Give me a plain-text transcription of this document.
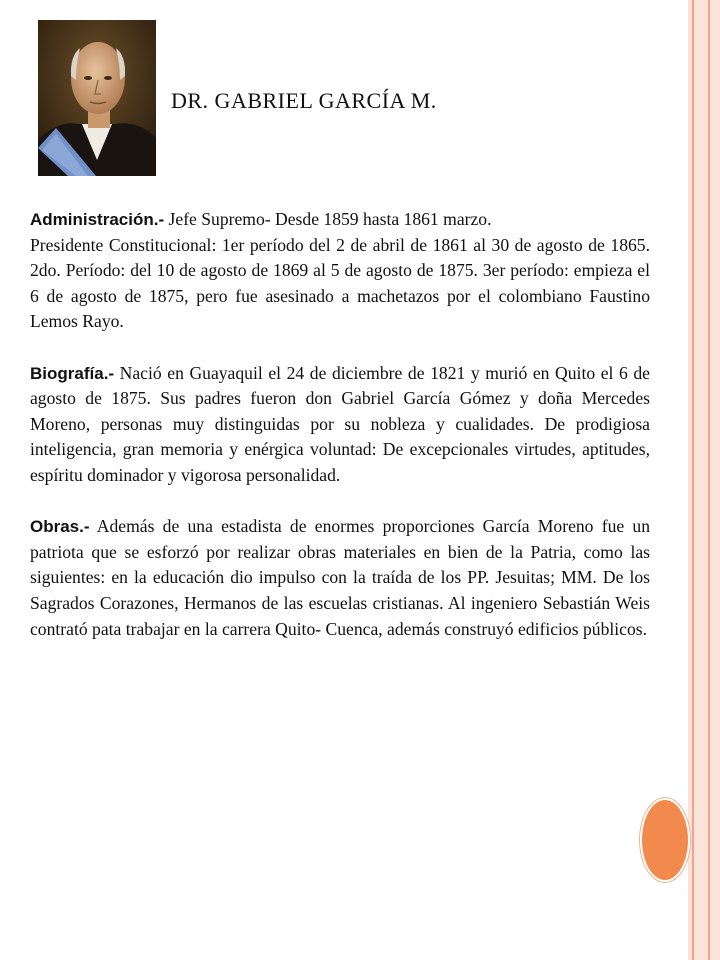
DR. GABRIEL GARCÍA M.

Administración.- Jefe Supremo- Desde 1859 hasta 1861 marzo.

Presidente Constitucional: 1er período del 2 de abril de 1861 al 30 de agosto de 1865. 2do. Período: del 10 de agosto de 1869 al 5 de agosto de 1875. 3er período: empieza el 6 de agosto de 1875, pero fue asesinado a machetazos por el colombiano Faustino Lemos Rayo.

Biografía.- Nació en Guayaquil el 24 de diciembre de 1821 y murió en Quito el 6 de agosto de 1875. Sus padres fueron don Gabriel García Gómez y doña Mercedes Moreno, personas muy distinguidas por su nobleza y cualidades. De prodigiosa inteligencia, gran memoria y enérgica voluntad: De excepcionales virtudes, aptitudes, espíritu dominador y vigorosa personalidad.

Obras.- Además de una estadista de enormes proporciones García Moreno fue un patriota que se esforzó por realizar obras materiales en bien de la Patria, como las siguientes: en la educación dio impulso con la traída de los PP. Jesuitas; MM. De los Sagrados Corazones, Hermanos de las escuelas cristianas. Al ingeniero Sebastián Weis contrató pata trabajar en la carrera Quito- Cuenca, además construyó edificios públicos.
